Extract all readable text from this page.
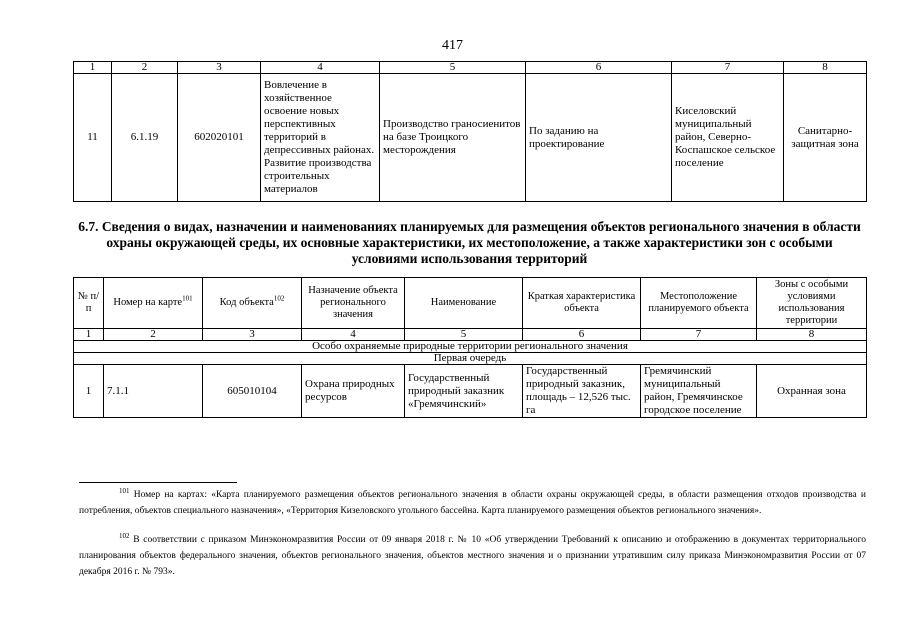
417
1	2	3	4	5	6	7	8
11	6.1.19	602020101	Вовлечение в хозяйственное освоение новых перспективных территорий в депрессивных районах. Развитие производства строительных материалов	Производство граносиенитов на базе Троицкого месторождения	По заданию на проектирование	Киселовский муниципальный район, Северно-Коспашское сельское поселение	Санитарно-защитная зона
6.7. Сведения о видах, назначении и наименованиях планируемых для размещения объектов регионального значения в области охраны окружающей среды, их основные характеристики, их местоположение, а также характеристики зон с особыми условиями использования территорий
№ п/п	Номер на карте$^{101}$	Код объекта$^{102}$	Назначение объекта регионального значения	Наименование	Краткая характеристика объекта	Местоположение планируемого объекта	Зоны с особыми условиями использования территории
1	2	3	4	5	6	7	8
Особо охраняемые природные территории регионального значения							
Первая очередь							
1	7.1.1	605010104	Охрана природных ресурсов	Государственный природный заказник «Гремячинский»	Государственный природный заказник, площадь – 12,526 тыс. га	Гремячинский муниципальный район, Гремячинское городское поселение	Охранная зона
$^{101}$ Номер на картах: «Карта планируемого размещения объектов регионального значения в области охраны окружающей среды, в области размещения отходов производства и потребления, объектов специального назначения», «Территория Кизеловского угольного бассейна. Карта планируемого размещения объектов регионального значения».
$^{102}$ В соответствии с приказом Минэкономразвития России от 09 января 2018 г. № 10 «Об утверждении Требований к описанию и отображению в документах территориального планирования объектов федерального значения, объектов регионального значения, объектов местного значения и о признании утратившим силу приказа Минэкономразвития России от 07 декабря 2016 г. № 793».
